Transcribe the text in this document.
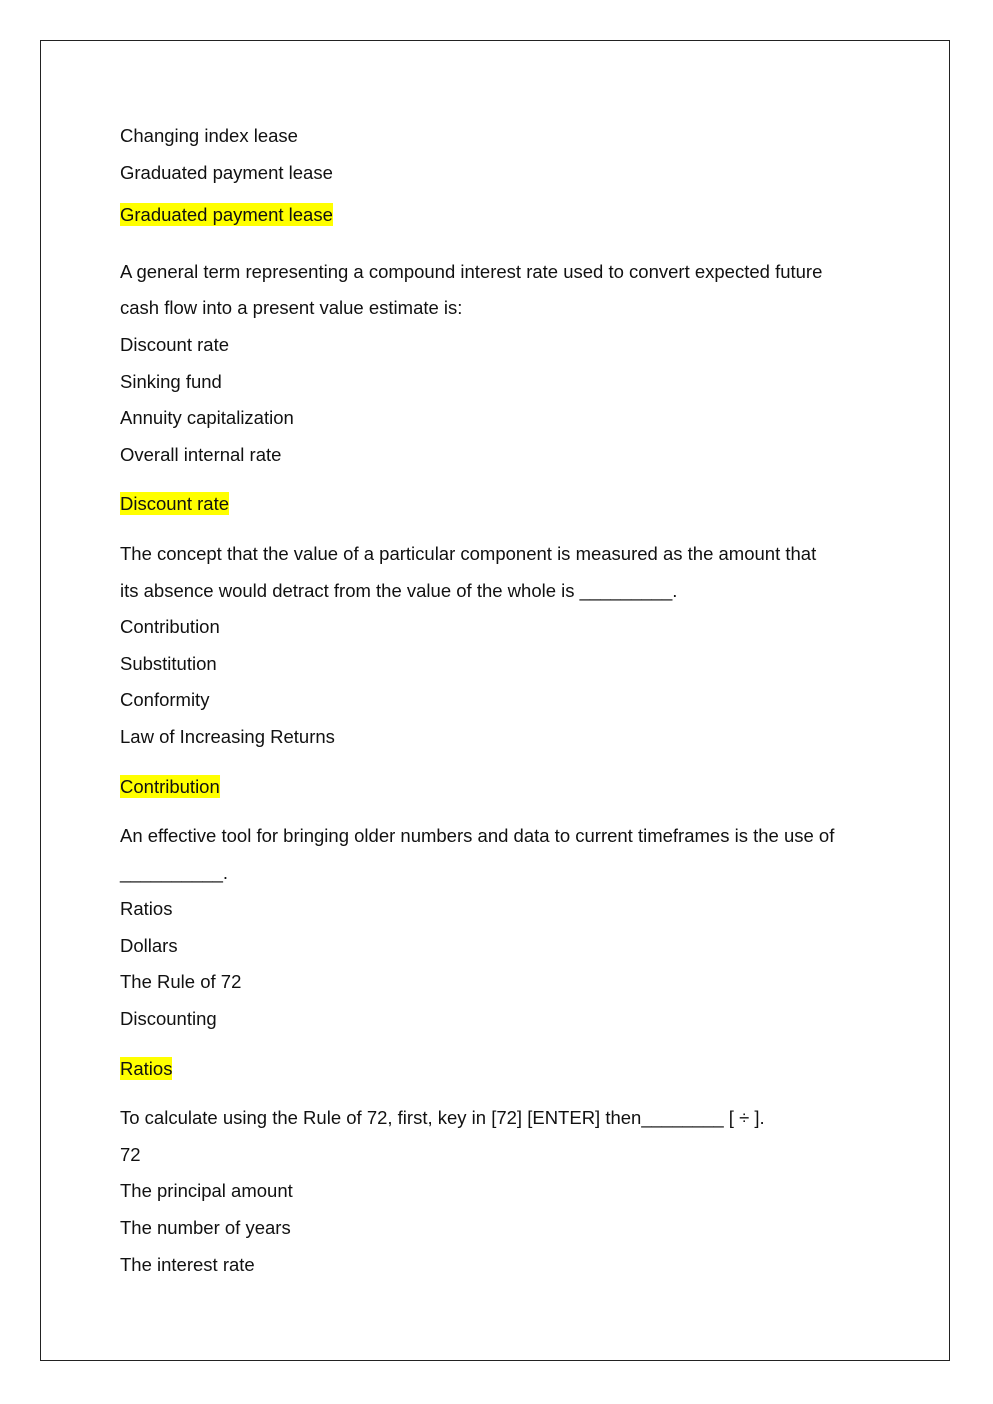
Changing index lease
Graduated payment lease
Graduated payment lease
A general term representing a compound interest rate used to convert expected future
cash flow into a present value estimate is:
Discount rate
Sinking fund
Annuity capitalization
Overall internal rate
Discount rate
The concept that the value of a particular component is measured as the amount that
its absence would detract from the value of the whole is _________.
Contribution
Substitution
Conformity
Law of Increasing Returns
Contribution
An effective tool for bringing older numbers and data to current timeframes is the use of
__________.
Ratios
Dollars
The Rule of 72
Discounting
Ratios
To calculate using the Rule of 72, first, key in [72] [ENTER] then________ [ ÷ ].
72
The principal amount
The number of years
The interest rate
